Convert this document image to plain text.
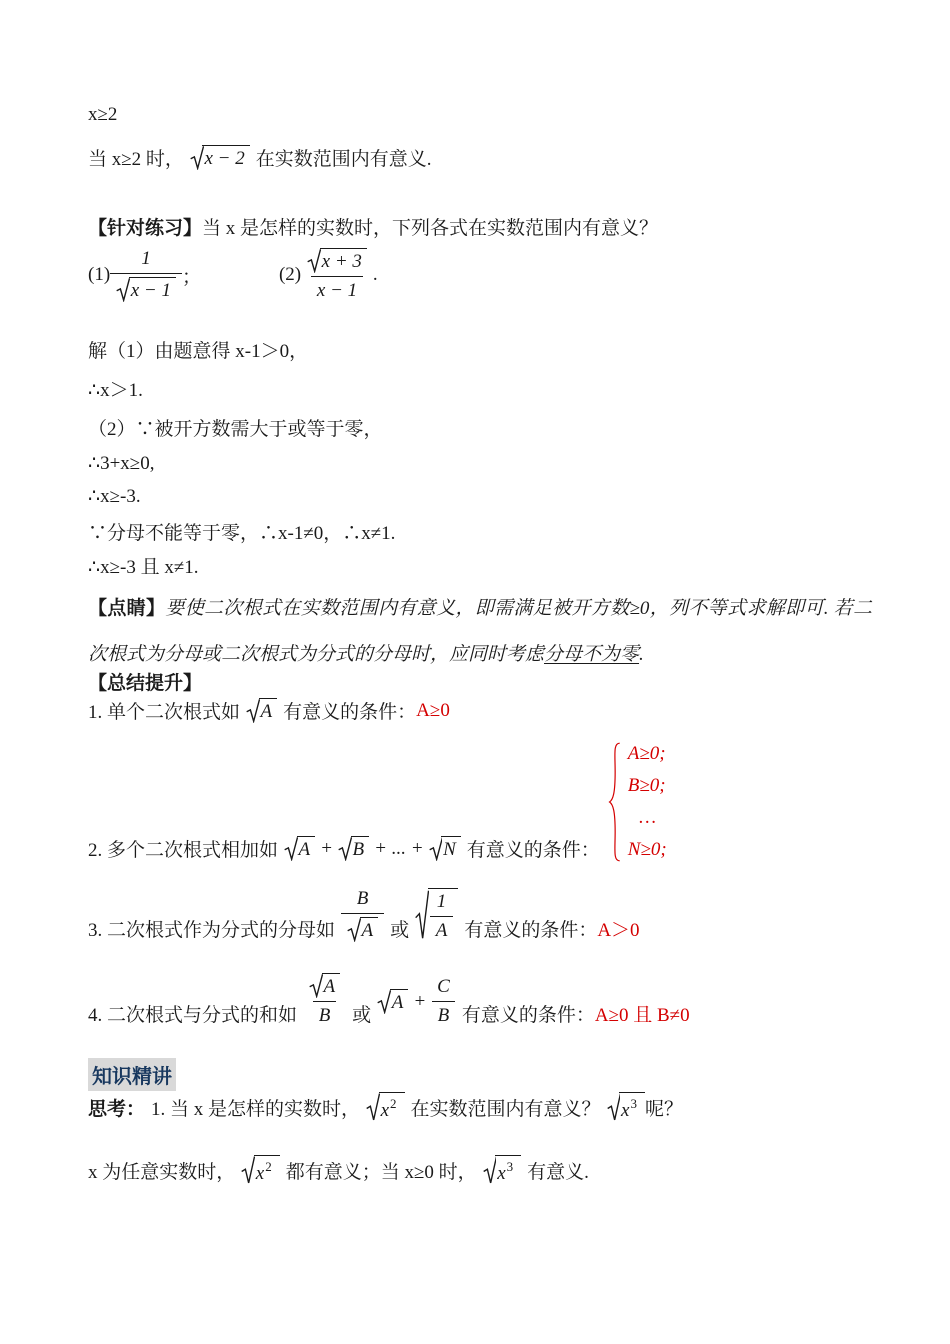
x≥2
当 x≥2 时， x − 2 在实数范围内有意义.
【针对练习】当 x 是怎样的实数时，下列各式在实数范围内有意义？
$(1) \frac{1}{x - 1}$ ；	$(2) \frac{x + 3}{x - 1}$ .
解（1）由题意得 x-1＞0，
∴x＞1.
（2）∵被开方数需大于或等于零，
∴3+x≥0,
∴x≥-3.
∵分母不能等于零，∴x-1≠0，∴x≠1.
∴x≥-3 且 x≠1.
【点睛】要使二次根式在实数范围内有意义，即需满足被开方数≥0，列不等式求解即可. 若二次根式为分母或二次根式为分式的分母时，应同时考虑分母不为零.
【总结提升】
1. 单个二次根式如 A 有意义的条件： A≥0
2. 多个二次根式相加如 A + B + ... + N 有意义的条件：
A≥0;
B≥0;
…
N≥0;
3. 二次根式作为分式的分母如 $\frac{B}{A}$ 或 $\frac{1}{A}$ 有意义的条件： A＞0
4. 二次根式与分式的和如 $\frac{A}{B}$ 或
$A + \frac{C}{B}$ 有意义的条件： A≥0 且 B≠0
知识精讲
思考： 1. 当 x 是怎样的实数时， x 2 在实数范围内有意义？ x 3 呢？
x 为任意实数时， x 2 都有意义；当 x≥0 时， x 3 有意义.
